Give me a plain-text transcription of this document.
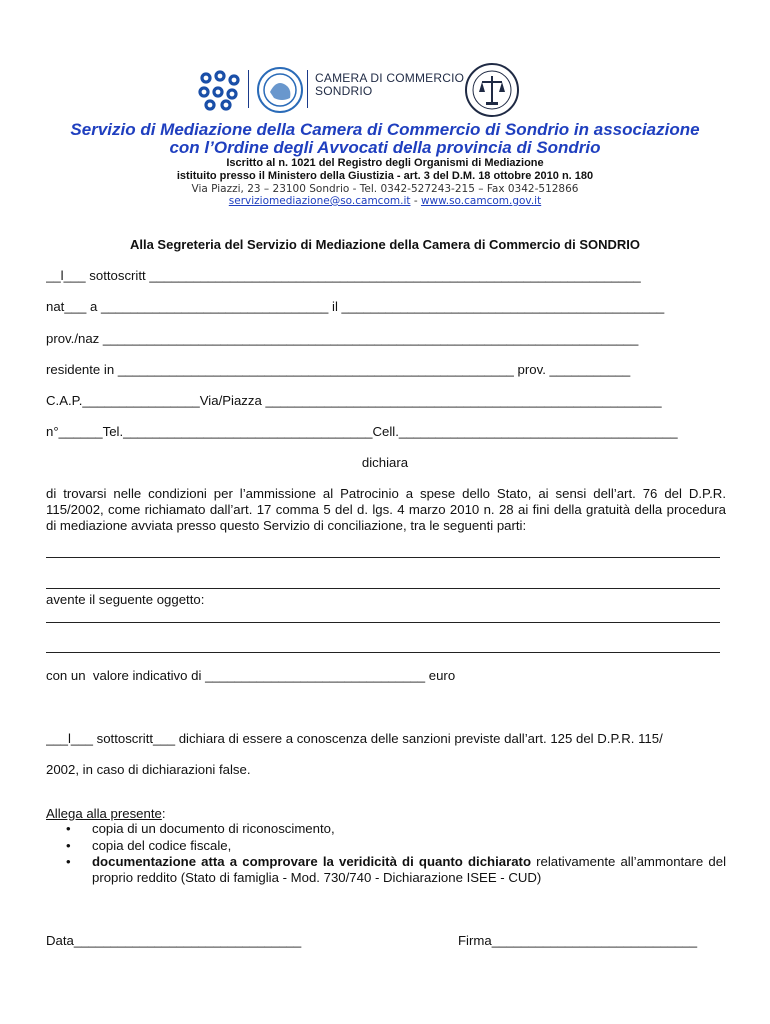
CAMERA DI COMMERCIO
SONDRIO
Servizio di Mediazione della Camera di Commercio di Sondrio in associazione
con l’Ordine degli Avvocati della provincia di Sondrio
Iscritto al n. 1021 del Registro degli Organismi di Mediazione
istituito presso il Ministero della Giustizia - art. 3 del D.M. 18 ottobre 2010 n. 180
Via Piazzi, 23 – 23100 Sondrio - Tel. 0342-527243-215 – Fax 0342-512866
serviziomediazione@so.camcom.it - www.so.camcom.gov.it
Alla Segreteria del Servizio di Mediazione della Camera di Commercio di SONDRIO
__l___ sottoscritt ___________________________________________________________________
nat___ a _______________________________ il ____________________________________________
prov./naz _________________________________________________________________________
residente in ______________________________________________________ prov. ___________
C.A.P.________________Via/Piazza ______________________________________________________
n°______Tel.__________________________________Cell.______________________________________
dichiara
di trovarsi nelle condizioni per l’ammissione al Patrocinio a spese dello Stato, ai sensi dell’art. 76 del D.P.R. 115/2002, come richiamato dall’art. 17 comma 5 del d. lgs. 4 marzo 2010 n. 28 ai fini della gratuità della procedura di mediazione avviata presso questo Servizio di conciliazione, tra le seguenti parti:
avente il seguente oggetto:
con un  valore indicativo di ______________________________ euro
___l___ sottoscritt___ dichiara di essere a conoscenza delle sanzioni previste dall’art. 125 del D.P.R. 115/
2002, in caso di dichiarazioni false.
Allega alla presente:
• copia di un documento di riconoscimento,
• copia del codice fiscale,
• documentazione atta a comprovare la veridicità di quanto dichiarato relativamente all’ammontare del proprio reddito (Stato di famiglia - Mod. 730/740 - Dichiarazione ISEE - CUD)
Data_______________________________	Firma____________________________
